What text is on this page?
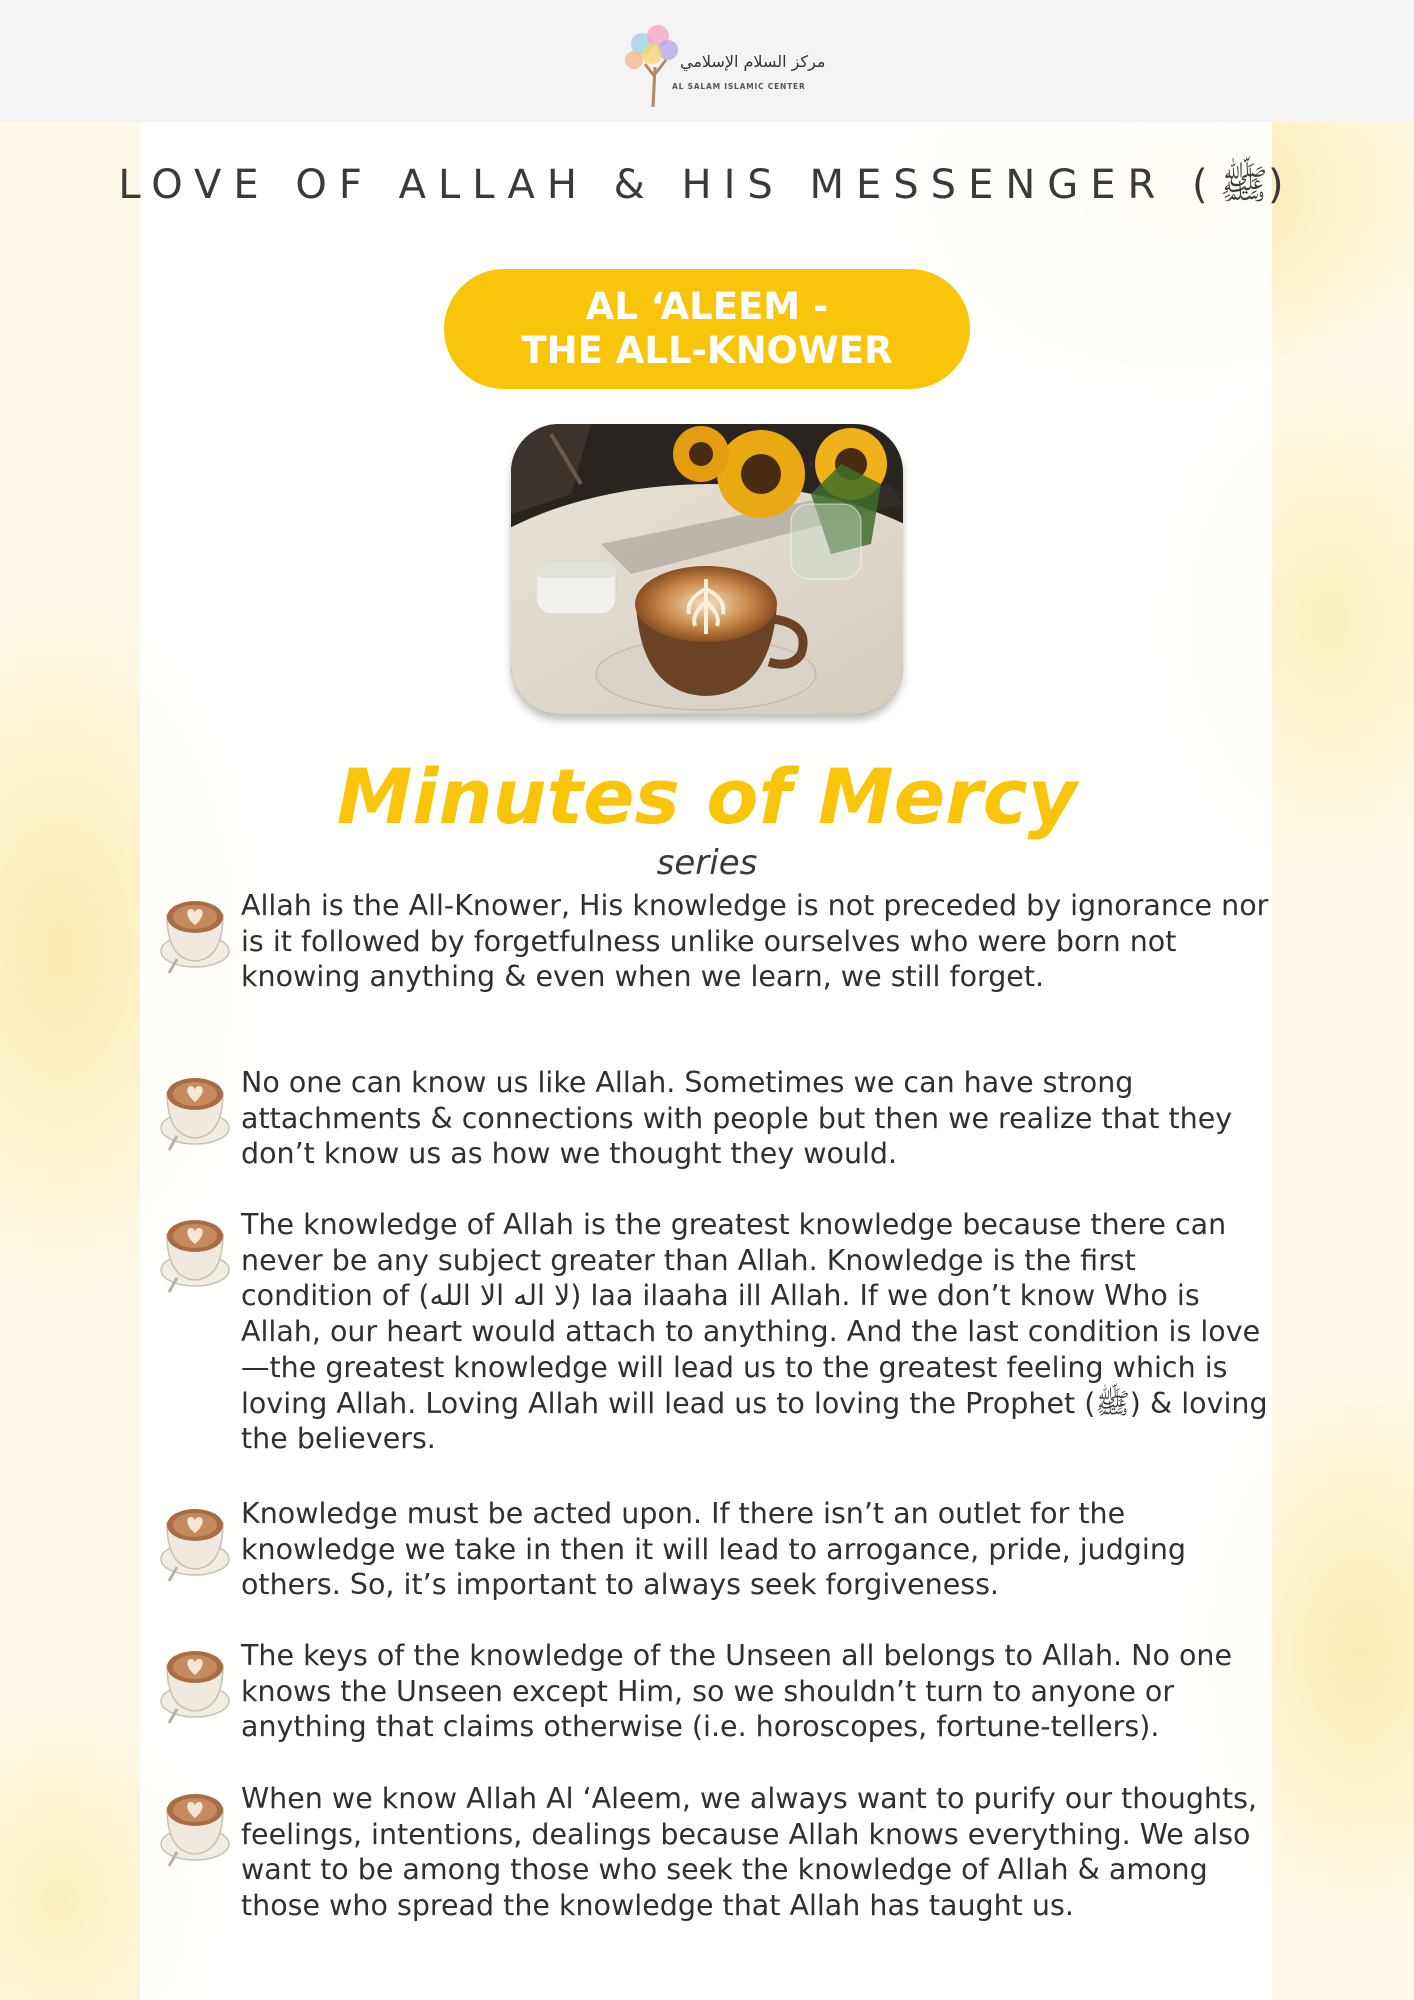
مركز السلام الإسلامي
AL SALAM ISLAMIC CENTER
LOVE OF ALLAH & HIS MESSENGER (ﷺ)
AL ‘ALEEM -
THE ALL-KNOWER
Minutes of Mercy
series

Allah is the All-Knower, His knowledge is not preceded by ignorance nor is it followed by forgetfulness unlike ourselves who were born not knowing anything & even when we learn, we still forget.

No one can know us like Allah. Sometimes we can have strong attachments & connections with people but then we realize that they don’t know us as how we thought they would.

The knowledge of Allah is the greatest knowledge because there can never be any subject greater than Allah. Knowledge is the first condition of (لا اله الا الله) laa ilaaha ill Allah. If we don’t know Who is Allah, our heart would attach to anything. And the last condition is love—the greatest knowledge will lead us to the greatest feeling which is loving Allah. Loving Allah will lead us to loving the Prophet (ﷺ) & loving the believers.

Knowledge must be acted upon. If there isn’t an outlet for the knowledge we take in then it will lead to arrogance, pride, judging others. So, it’s important to always seek forgiveness.

The keys of the knowledge of the Unseen all belongs to Allah. No one knows the Unseen except Him, so we shouldn’t turn to anyone or anything that claims otherwise (i.e. horoscopes, fortune-tellers).

When we know Allah Al ‘Aleem, we always want to purify our thoughts, feelings, intentions, dealings because Allah knows everything. We also want to be among those who seek the knowledge of Allah & among those who spread the knowledge that Allah has taught us.
